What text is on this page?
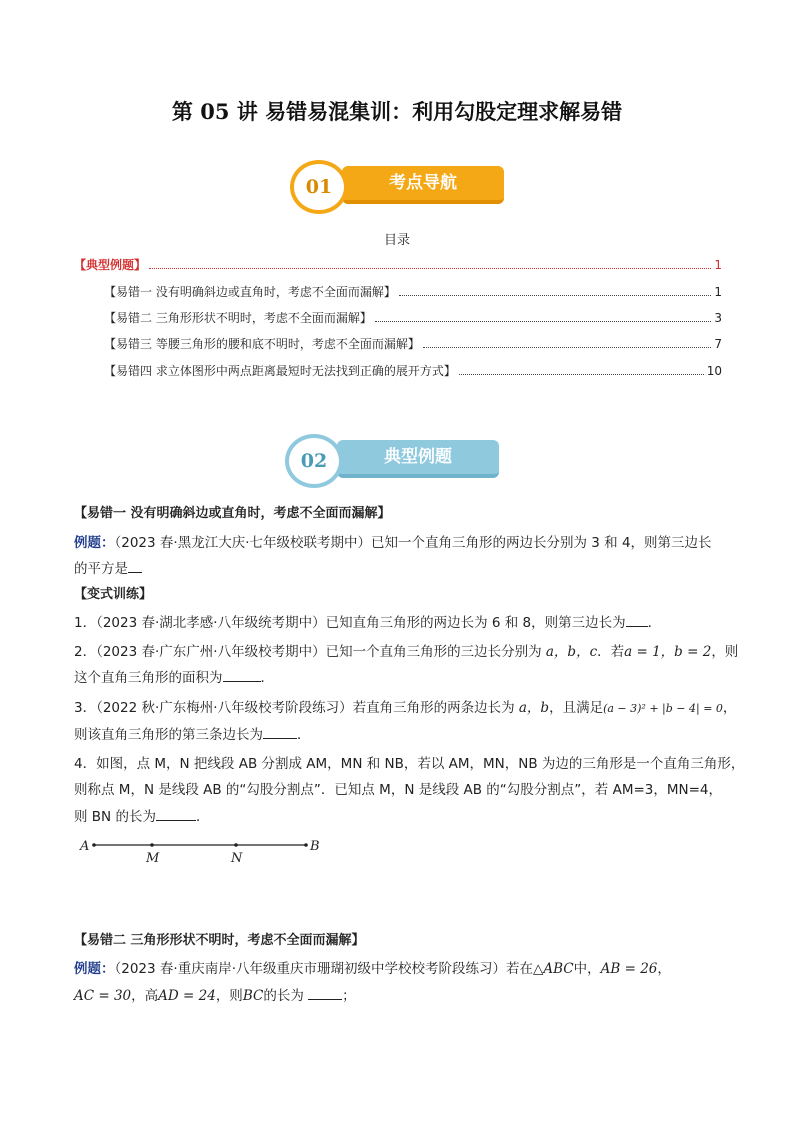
第 05 讲 易错易混集训：利用勾股定理求解易错
考点导航
01
目录
【典型例题】	1
【易错一 没有明确斜边或直角时，考虑不全面而漏解】	1
【易错二 三角形形状不明时，考虑不全面而漏解】	3
【易错三 等腰三角形的腰和底不明时，考虑不全面而漏解】	7
【易错四 求立体图形中两点距离最短时无法找到正确的展开方式】	10
典型例题
02
【易错一 没有明确斜边或直角时，考虑不全面而漏解】
例题：（2023 春·黑龙江大庆·七年级校联考期中）已知一个直角三角形的两边长分别为 3 和 4，则第三边长
的平方是
【变式训练】
1．（2023 春·湖北孝感·八年级统考期中）已知直角三角形的两边长为 6 和 8，则第三边长为 ．
2．（2023 春·广东广州·八年级校考期中）已知一个直角三角形的三边长分别为 a，b，c．若a = 1，b = 2，则
这个直角三角形的面积为	．
3．（2022 秋·广东梅州·八年级校考阶段练习）若直角三角形的两条边长为 a，b，且满足(a − 3)² + |b − 4| = 0，
则该直角三角形的第三条边长为	．
4．如图，点 M，N 把线段 AB 分割成 AM，MN 和 NB，若以 AM，MN，NB 为边的三角形是一个直角三角形，
则称点 M，N 是线段 AB 的“勾股分割点”．已知点 M，N 是线段 AB 的“勾股分割点”，若 AM=3，MN=4，
则 BN 的长为	．
A
M	N
B
【易错二 三角形形状不明时，考虑不全面而漏解】
例题：（2023 春·重庆南岸·八年级重庆市珊瑚初级中学校校考阶段练习）若在△ABC中，AB = 26，
AC = 30，高AD = 24，则BC的长为	；
